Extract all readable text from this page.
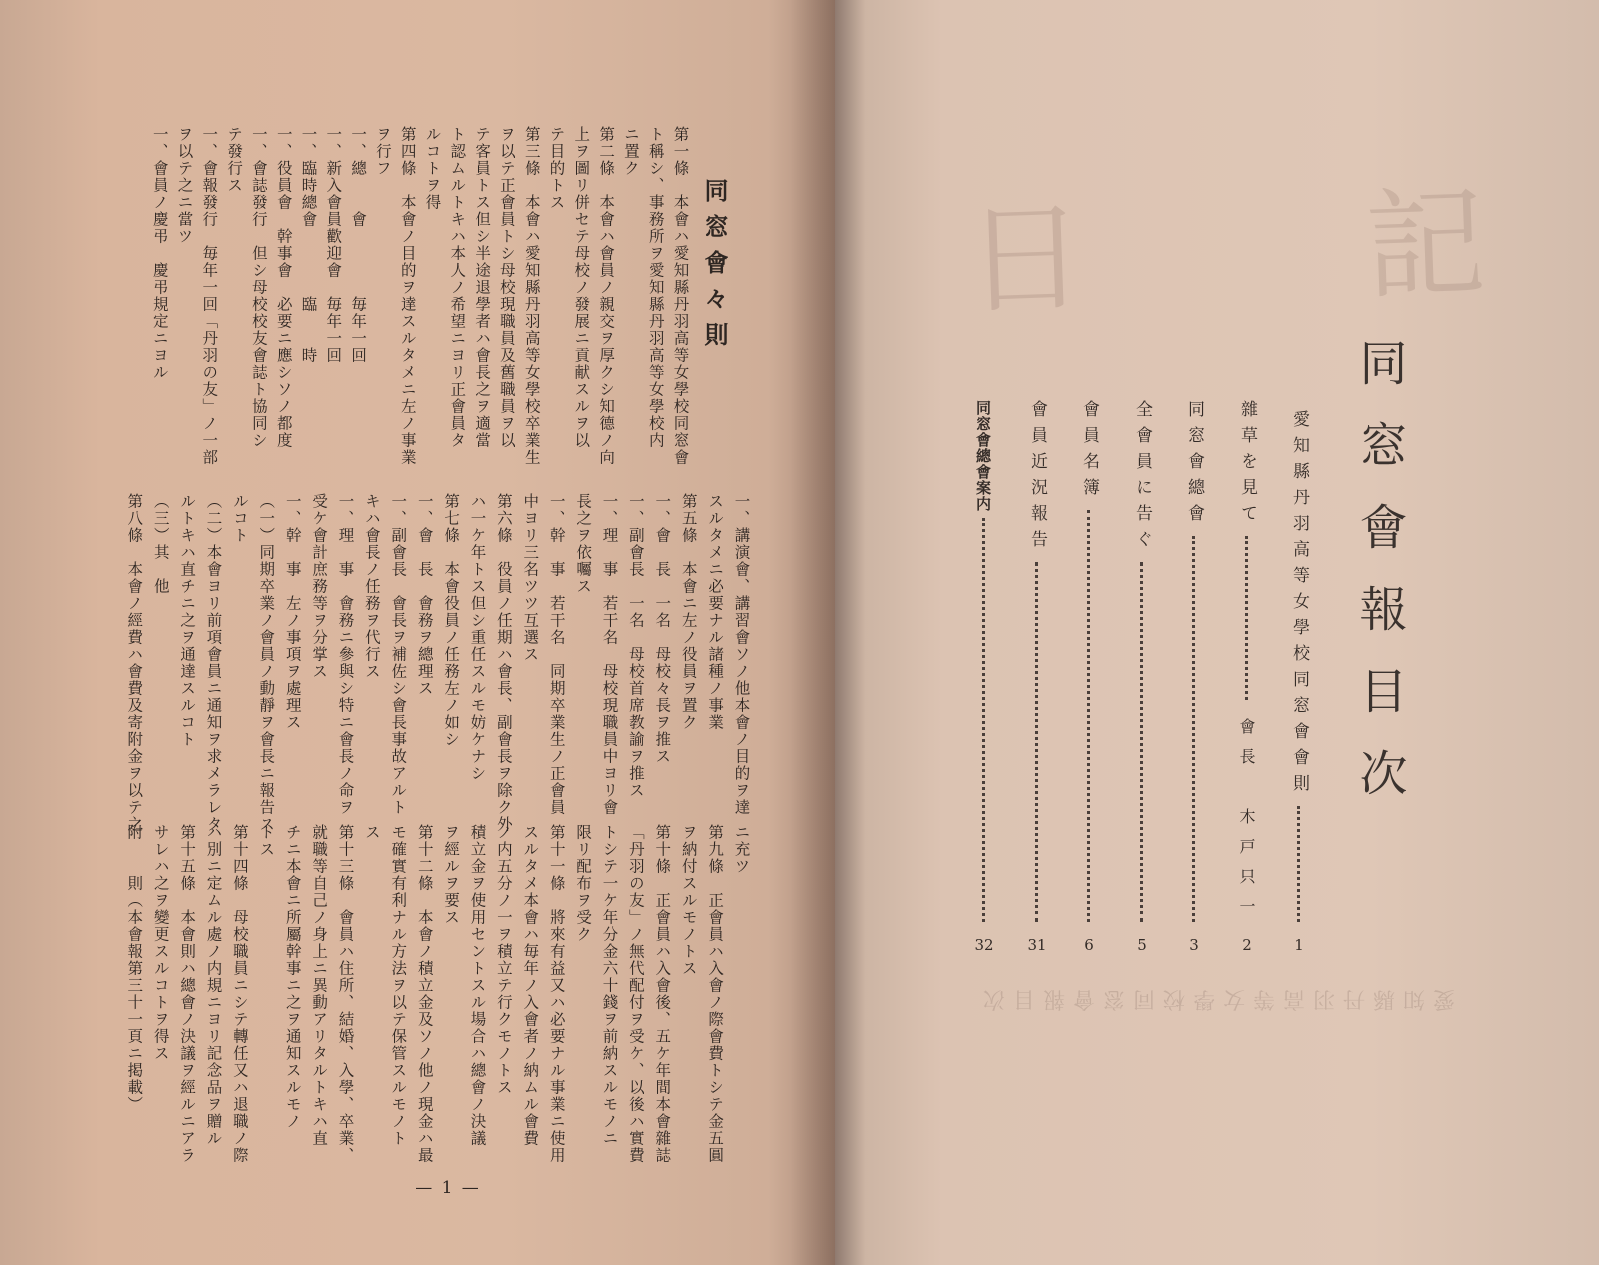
同窓會々則
第一條　本會ハ愛知縣丹羽高等女學校同窓會
ト稱シ、事務所ヲ愛知縣丹羽高等女學校内
ニ置ク
第二條　本會ハ會員ノ親交ヲ厚クシ知德ノ向
上ヲ圖リ併セテ母校ノ發展ニ貢献スルヲ以
テ目的トス
第三條　本會ハ愛知縣丹羽高等女學校卒業生
ヲ以テ正會員トシ母校現職員及舊職員ヲ以
テ客員トス但シ半途退學者ハ會長之ヲ適當
ト認ムルトキハ本人ノ希望ニヨリ正會員タ
ルコトヲ得
第四條　本會ノ目的ヲ達スルタメニ左ノ事業
ヲ行フ
一、總　　會　　　　毎年一回
一、新入會員歡迎會　毎年一回
一、臨時總會　　　　臨　　時
一、役員會　幹事會　必要ニ應シソノ都度
一、會誌發行　但シ母校校友會誌ト協同シ
テ發行ス
一、會報發行　毎年一回「丹羽の友」ノ一部
ヲ以テ之ニ當ツ
一、會員ノ慶弔　慶弔規定ニヨル
一、講演會、講習會ソノ他本會ノ目的ヲ達
スルタメニ必要ナル諸種ノ事業
第五條　本會ニ左ノ役員ヲ置ク
一、會　長　一名　母校々長ヲ推ス
一、副會長　一名　母校首席教諭ヲ推ス
一、理　事　若干名　母校現職員中ヨリ會
長之ヲ依囑ス
一、幹　事　若干名　同期卒業生ノ正會員
中ヨリ三名ツツ互選ス
第六條　役員ノ任期ハ會長、副會長ヲ除ク外
ハ一ケ年トス但シ重任スルモ妨ケナシ
第七條　本會役員ノ任務左ノ如シ
一、會　長　會務ヲ總理ス
一、副會長　會長ヲ補佐シ會長事故アルト
キハ會長ノ任務ヲ代行ス
一、理　事　會務ニ參與シ特ニ會長ノ命ヲ
受ケ會計庶務等ヲ分掌ス
一、幹　事　左ノ事項ヲ處理ス
（一）同期卒業ノ會員ノ動靜ヲ會長ニ報告ス
ルコト
（二）本會ヨリ前項會員ニ通知ヲ求メラレタ
ルトキハ直チニ之ヲ通達スルコト
（三）其　他
第八條　本會ノ經費ハ會費及寄附金ヲ以テ之
ニ充ツ
第九條　正會員ハ入會ノ際會費トシテ金五圓
ヲ納付スルモノトス
第十條　正會員ハ入會後、五ケ年間本會雜誌
「丹羽の友」ノ無代配付ヲ受ケ、以後ハ實費
トシテ一ケ年分金六十錢ヲ前納スルモノニ
限リ配布ヲ受ク
第十一條　將來有益又ハ必要ナル事業ニ使用
スルタメ本會ハ毎年ノ入會者ノ納ムル會費
ノ内五分ノ一ヲ積立テ行クモノトス
積立金ヲ使用セントスル場合ハ總會ノ決議
ヲ經ルヲ要ス
第十二條　本會ノ積立金及ソノ他ノ現金ハ最
モ確實有利ナル方法ヲ以テ保管スルモノト
ス
第十三條　會員ハ住所、結婚、入學、卒業、
就職等自己ノ身上ニ異動アリタルトキハ直
チニ本會ニ所屬幹事ニ之ヲ通知スルモノ
トス
第十四條　母校職員ニシテ轉任又ハ退職ノ際
ハ別ニ定ムル處ノ内規ニヨリ記念品ヲ贈ル
第十五條　本會則ハ總會ノ決議ヲ經ルニアラ
サレハ之ヲ變更スルコトヲ得ス
附　　則（本會報第三十一頁ニ掲載）
— 1 —
日　記
愛知縣丹羽高等女學校同窓會報目次
同窓會報目次
愛知縣丹羽高等女學校同窓會會則
1
雜草を見て
會長　木戸只一
2
同窓會總會
3
全會員に告ぐ
5
會員名簿
6
會員近況報告
31
同窓會總會案内
32
